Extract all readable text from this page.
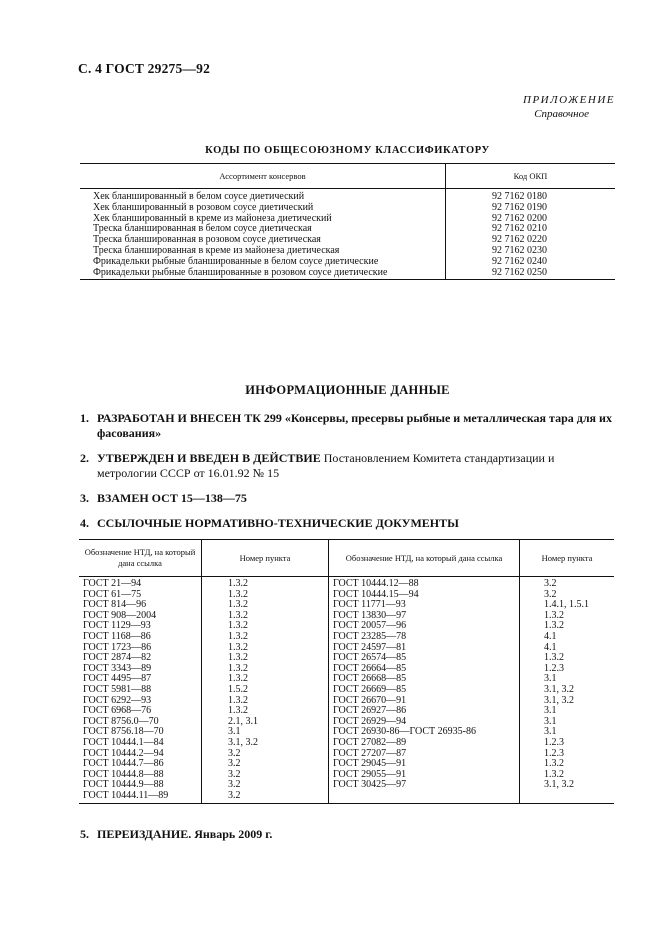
С. 4 ГОСТ 29275—92
ПРИЛОЖЕНИЕ
Справочное
КОДЫ ПО ОБЩЕСОЮЗНОМУ КЛАССИФИКАТОРУ
Ассортимент консервов	Код ОКП
Хек бланшированный в белом соусе диетический	92 7162 0180
Хек бланшированный в розовом соусе диетический	92 7162 0190
Хек бланшированный в креме из майонеза диетический	92 7162 0200
Треска бланшированная в белом соусе диетическая	92 7162 0210
Треска бланшированная в розовом соусе диетическая	92 7162 0220
Треска бланшированная в креме из майонеза диетическая	92 7162 0230
Фрикадельки рыбные бланшированные в белом соусе диетические	92 7162 0240
Фрикадельки рыбные бланшированные в розовом соусе диетические	92 7162 0250
ИНФОРМАЦИОННЫЕ ДАННЫЕ
1. РАЗРАБОТАН И ВНЕСЕН ТК 299 «Консервы, пресервы рыбные и металлическая тара для их фасования»
2. УТВЕРЖДЕН И ВВЕДЕН В ДЕЙСТВИЕ Постановлением Комитета стандартизации и метрологии СССР от 16.01.92 № 15
3. ВЗАМЕН ОСТ 15—138—75
4. ССЫЛОЧНЫЕ НОРМАТИВНО-ТЕХНИЧЕСКИЕ ДОКУМЕНТЫ
Обозначение НТД, на который дана ссылка	Номер пункта	Обозначение НТД, на который дана ссылка	Номер пункта
ГОСТ 21—94	1.3.2	ГОСТ 10444.12—88	3.2
ГОСТ 61—75	1.3.2	ГОСТ 10444.15—94	3.2
ГОСТ 814—96	1.3.2	ГОСТ 11771—93	1.4.1, 1.5.1
ГОСТ 908—2004	1.3.2	ГОСТ 13830—97	1.3.2
ГОСТ 1129—93	1.3.2	ГОСТ 20057—96	1.3.2
ГОСТ 1168—86	1.3.2	ГОСТ 23285—78	4.1
ГОСТ 1723—86	1.3.2	ГОСТ 24597—81	4.1
ГОСТ 2874—82	1.3.2	ГОСТ 26574—85	1.3.2
ГОСТ 3343—89	1.3.2	ГОСТ 26664—85	1.2.3
ГОСТ 4495—87	1.3.2	ГОСТ 26668—85	3.1
ГОСТ 5981—88	1.5.2	ГОСТ 26669—85	3.1, 3.2
ГОСТ 6292—93	1.3.2	ГОСТ 26670—91	3.1, 3.2
ГОСТ 6968—76	1.3.2	ГОСТ 26927—86	3.1
ГОСТ 8756.0—70	2.1, 3.1	ГОСТ 26929—94	3.1
ГОСТ 8756.18—70	3.1	ГОСТ 26930-86—ГОСТ 26935-86	3.1
ГОСТ 10444.1—84	3.1, 3.2	ГОСТ 27082—89	1.2.3
ГОСТ 10444.2—94	3.2	ГОСТ 27207—87	1.2.3
ГОСТ 10444.7—86	3.2	ГОСТ 29045—91	1.3.2
ГОСТ 10444.8—88	3.2	ГОСТ 29055—91	1.3.2
ГОСТ 10444.9—88	3.2	ГОСТ 30425—97	3.1, 3.2
ГОСТ 10444.11—89	3.2		
5. ПЕРЕИЗДАНИЕ. Январь 2009 г.
